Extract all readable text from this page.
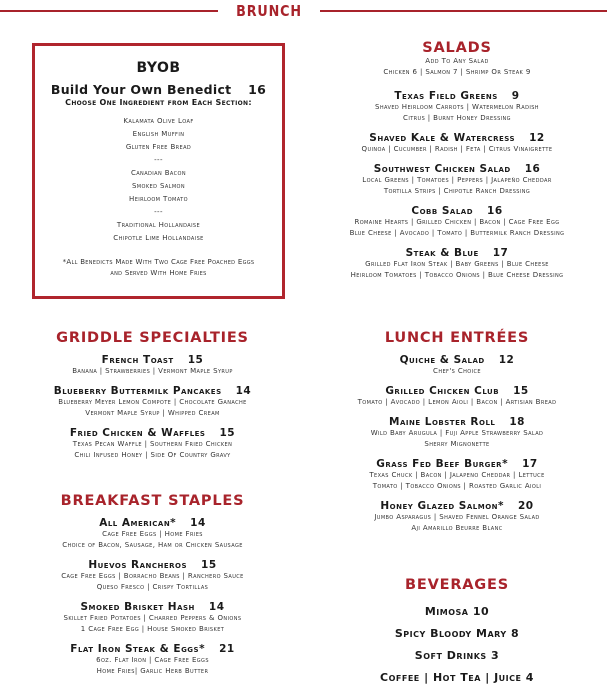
BRUNCH
BYOB
Build Your Own Benedict 16
Choose One Ingredient from Each Section:
Kalamata Olive Loaf
English Muffin
Gluten Free Bread
---
Canadian Bacon
Smoked Salmon
Heirloom Tomato
---
Traditional Hollandaise
Chipotle Lime Hollandaise
*All Benedicts Made With Two Cage Free Poached Eggs
and Served With Home Fries
SALADS
Add To Any Salad
Chicken 6 | Salmon 7 | Shrimp Or Steak 9
Texas Field Greens 9
Shaved Heirloom Carrots | Watermelon Radish
Citrus | Burnt Honey Dressing
Shaved Kale & Watercress 12
Quinoa | Cucumber | Radish | Feta | Citrus Vinaigrette
Southwest Chicken Salad 16
Local Greens | Tomatoes | Peppers | Jalapeño Cheddar
Tortilla Strips | Chipotle Ranch Dressing
Cobb Salad 16
Romaine Hearts | Grilled Chicken | Bacon | Cage Free Egg
Blue Cheese | Avocado | Tomato | Buttermilk Ranch Dressing
Steak & Blue 17
Grilled Flat Iron Steak | Baby Greens | Blue Cheese
Heirloom Tomatoes | Tobacco Onions | Blue Cheese Dressing
GRIDDLE SPECIALTIES
French Toast 15
Banana | Strawberries | Vermont Maple Syrup
Blueberry Buttermilk Pancakes 14
Blueberry Meyer Lemon Compote | Chocolate Ganache
Vermont Maple Syrup | Whipped Cream
Fried Chicken & Waffles 15
Texas Pecan Waffle | Southern Fried Chicken
Chili Infused Honey | Side Of Country Gravy
BREAKFAST STAPLES
All American* 14
Cage Free Eggs | Home Fries
Choice of Bacon, Sausage, Ham or Chicken Sausage
Huevos Rancheros 15
Cage Free Eggs | Borracho Beans | Ranchero Sauce
Queso Fresco | Crispy Tortillas
Smoked Brisket Hash 14
Skillet Fried Potatoes | Charred Peppers & Onions
1 Cage Free Egg | House Smoked Brisket
Flat Iron Steak & Eggs* 21
6oz. Flat Iron | Cage Free Eggs
Home Fries| Garlic Herb Butter
LUNCH ENTRÉES
Quiche & Salad 12
Chef's Choice
Grilled Chicken Club 15
Tomato | Avocado | Lemon Aioli | Bacon | Artisian Bread
Maine Lobster Roll 18
Wild Baby Arugula | Fuji Apple Strawberry Salad
Sherry Mignonette
Grass Fed Beef Burger* 17
Texas Chuck | Bacon | Jalapeno Cheddar | Lettuce
Tomato | Tobacco Onions | Roasted Garlic Aioli
Honey Glazed Salmon* 20
Jumbo Asparagus | Shaved Fennel Orange Salad
Aji Amarillo Beurre Blanc
BEVERAGES
Mimosa 10
Spicy Bloody Mary 8
Soft Drinks 3
Coffee | Hot Tea | Juice 4
